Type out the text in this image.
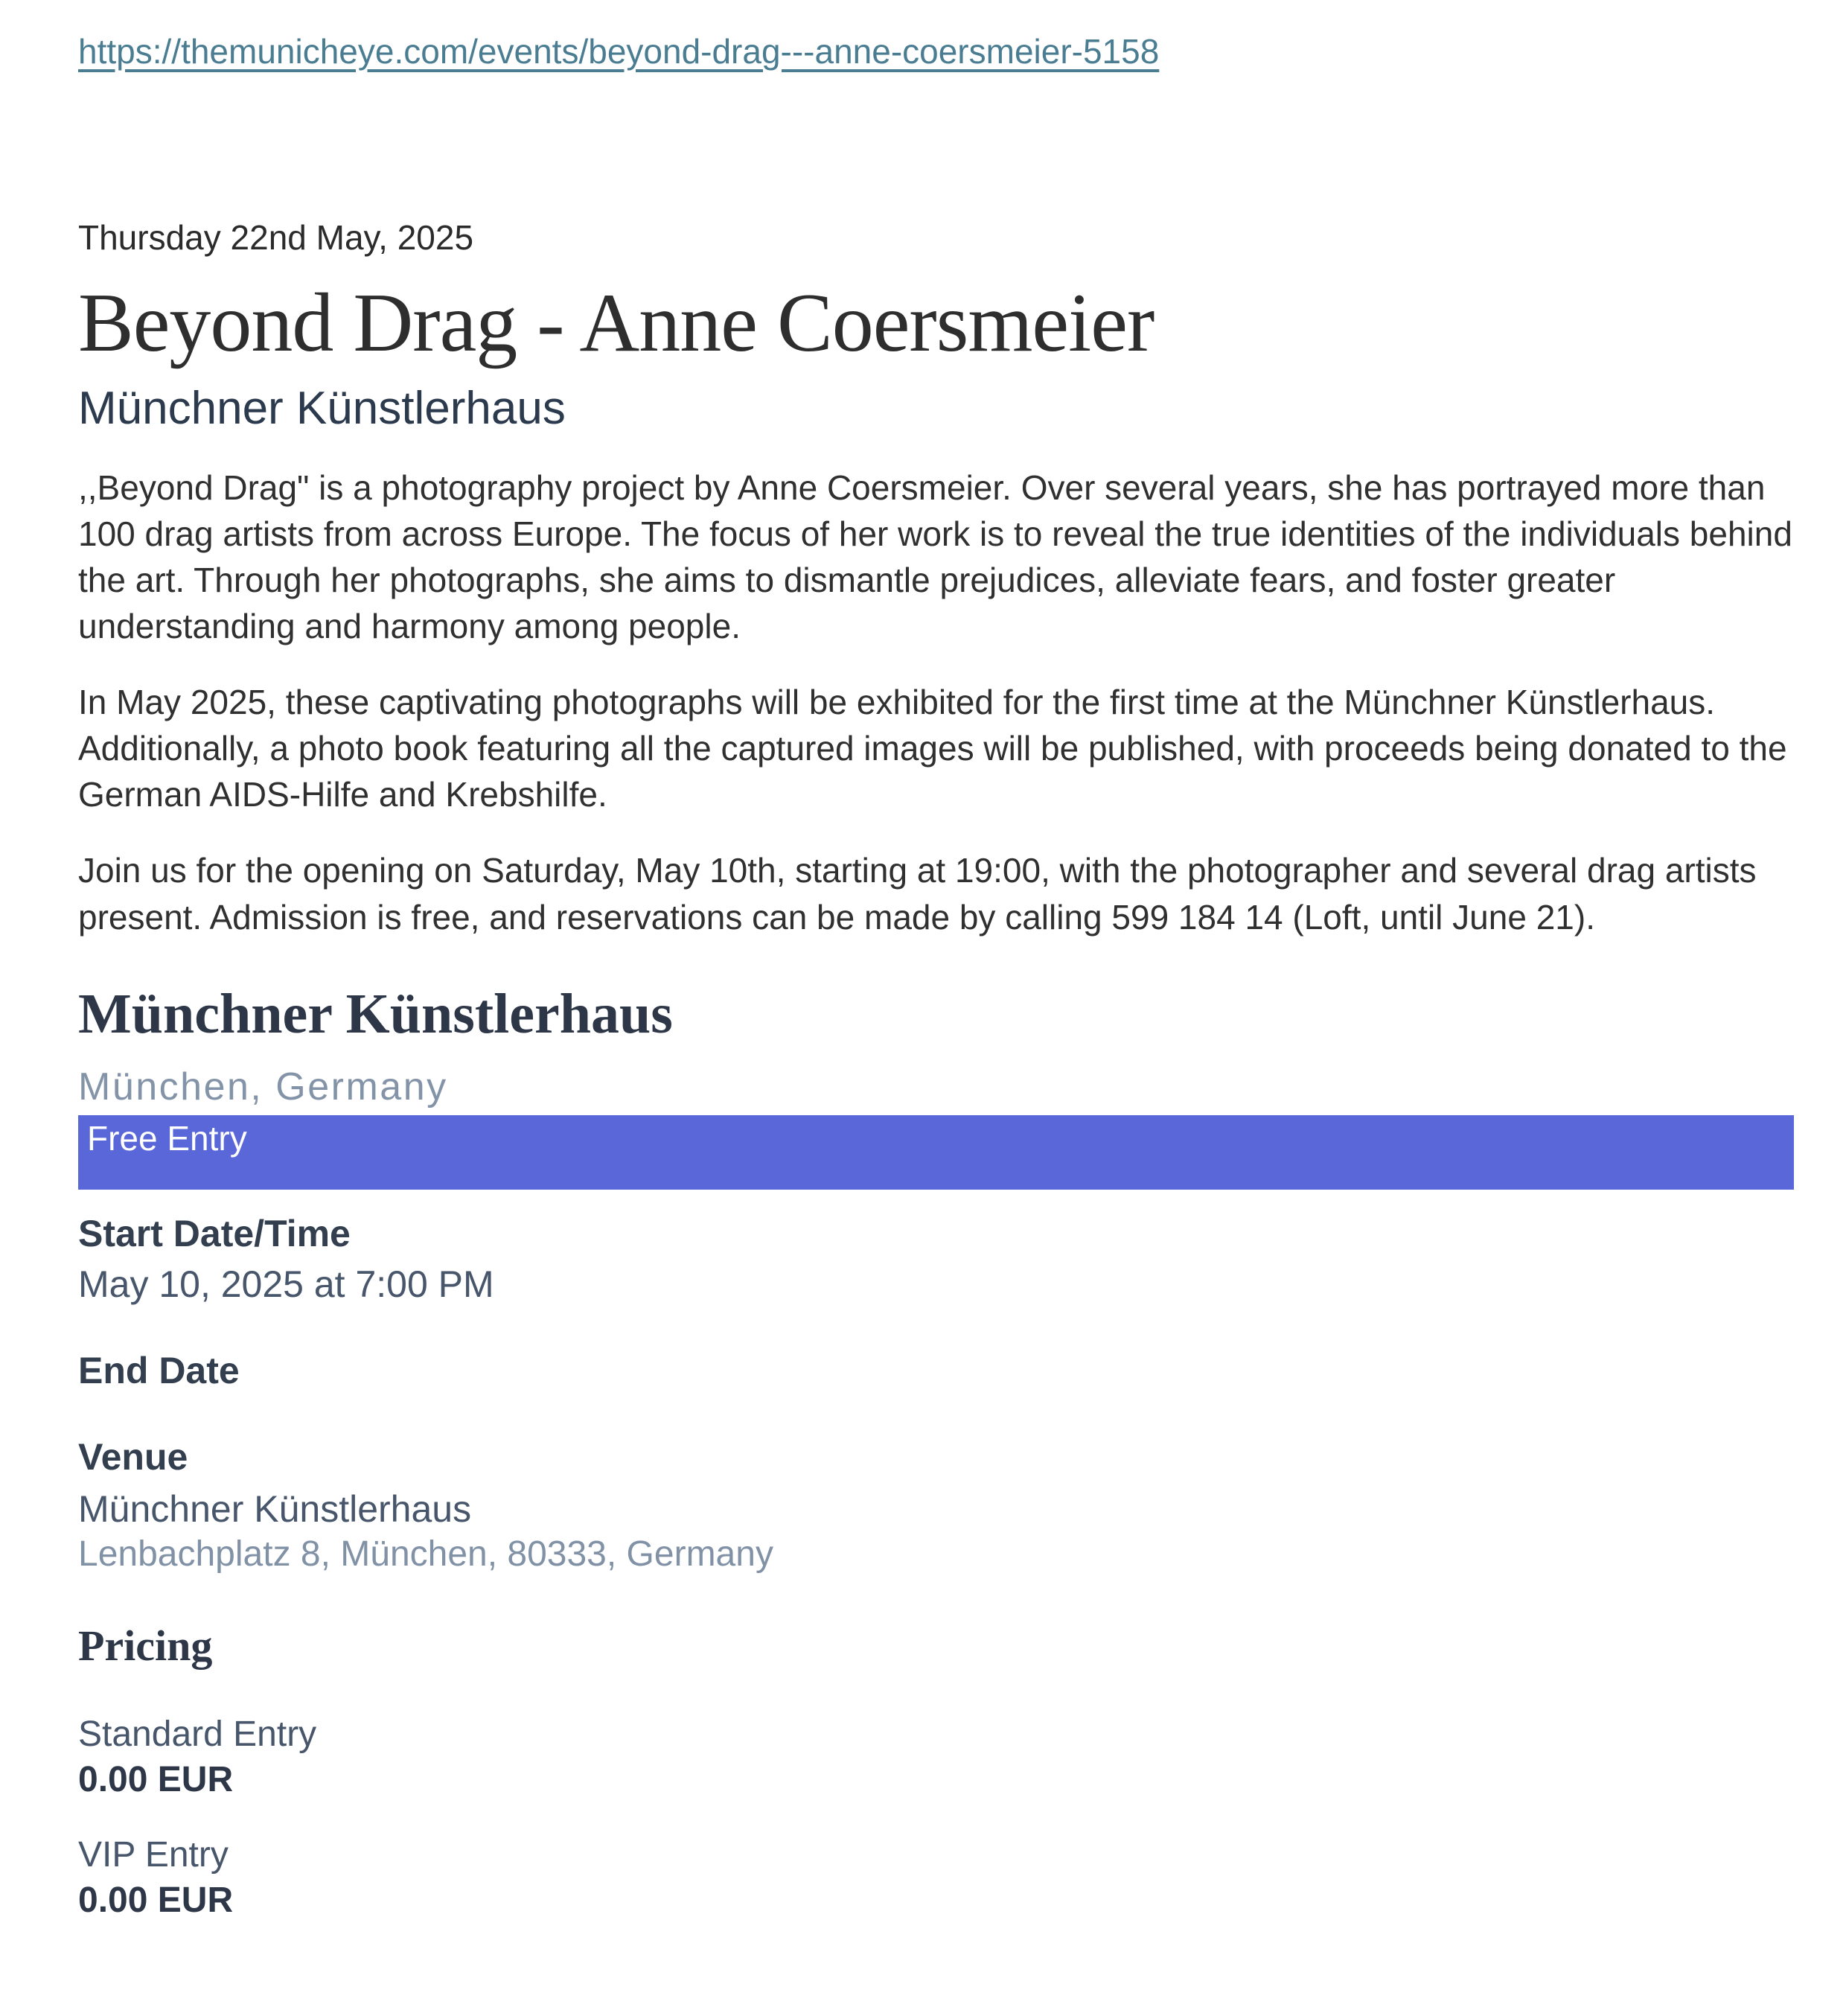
https://themunicheye.com/events/beyond-drag---anne-coersmeier-5158
Thursday 22nd May, 2025
Beyond Drag - Anne Coersmeier
Münchner Künstlerhaus

,,Beyond Drag" is a photography project by Anne Coersmeier. Over several years, she has portrayed more than 100 drag artists from across Europe. The focus of her work is to reveal the true identities of the individuals behind the art. Through her photographs, she aims to dismantle prejudices, alleviate fears, and foster greater understanding and harmony among people.

In May 2025, these captivating photographs will be exhibited for the first time at the Münchner Künstlerhaus. Additionally, a photo book featuring all the captured images will be published, with proceeds being donated to the German AIDS-Hilfe and Krebshilfe.

Join us for the opening on Saturday, May 10th, starting at 19:00, with the photographer and several drag artists present. Admission is free, and reservations can be made by calling 599 184 14 (Loft, until June 21).

Münchner Künstlerhaus
München, Germany
Free Entry
Start Date/Time
May 10, 2025 at 7:00 PM
End Date
Venue
Münchner Künstlerhaus
Lenbachplatz 8, München, 80333, Germany
Pricing
Standard Entry
0.00 EUR
VIP Entry
0.00 EUR
